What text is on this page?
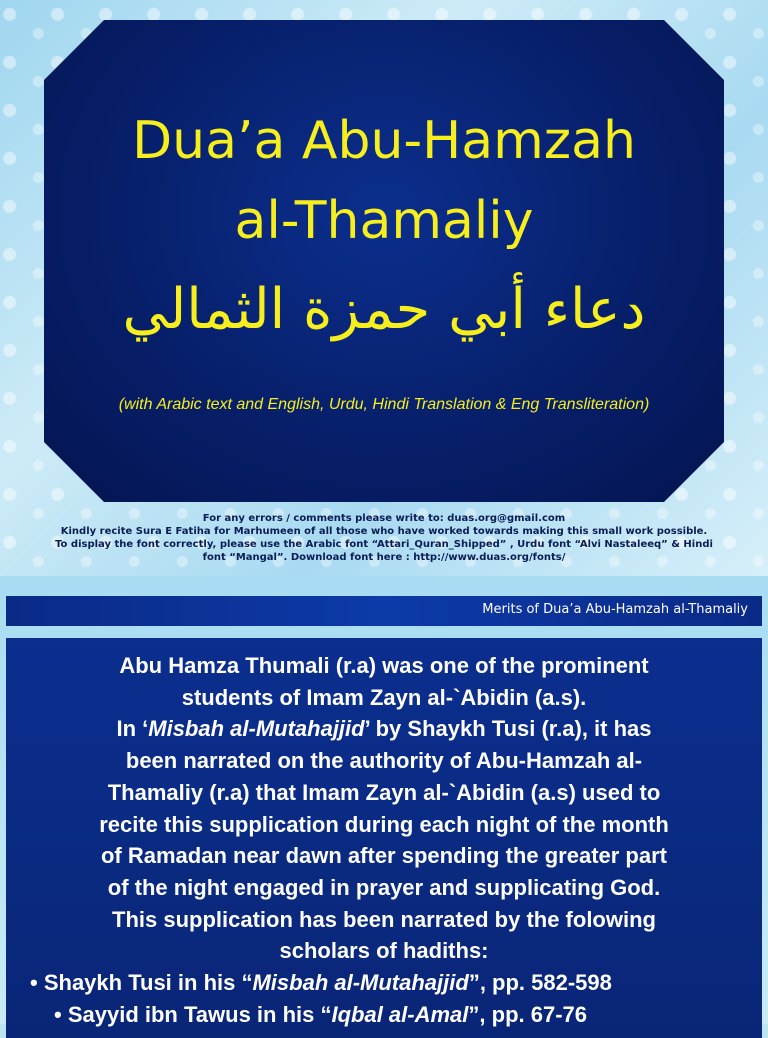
Dua’a Abu-Hamzah
al-Thamaliy
دعاء أبي حمزة الثمالي
(with Arabic text and English, Urdu, Hindi Translation & Eng Transliteration)
For any errors / comments please write to: duas.org@gmail.com
Kindly recite Sura E Fatiha for Marhumeen of all those who have worked towards making this small work possible.
To display the font correctly, please use the Arabic font “Attari_Quran_Shipped” , Urdu font “Alvi Nastaleeq” & Hindi
font “Mangal”. Download font here : http://www.duas.org/fonts/
Merits of Dua’a Abu-Hamzah al-Thamaliy
Abu Hamza Thumali (r.a) was one of the prominent
students of Imam Zayn al-`Abidin (a.s).
In ‘Misbah al-Mutahajjid’ by Shaykh Tusi (r.a), it has
been narrated on the authority of Abu-Hamzah al-
Thamaliy (r.a) that Imam Zayn al-`Abidin (a.s) used to
recite this supplication during each night of the month
of Ramadan near dawn after spending the greater part
of the night engaged in prayer and supplicating God.
This supplication has been narrated by the folowing
scholars of hadiths:
• Shaykh Tusi in his “Misbah al-Mutahajjid”, pp. 582-598
• Sayyid ibn Tawus in his “Iqbal al-Amal”, pp. 67-76
